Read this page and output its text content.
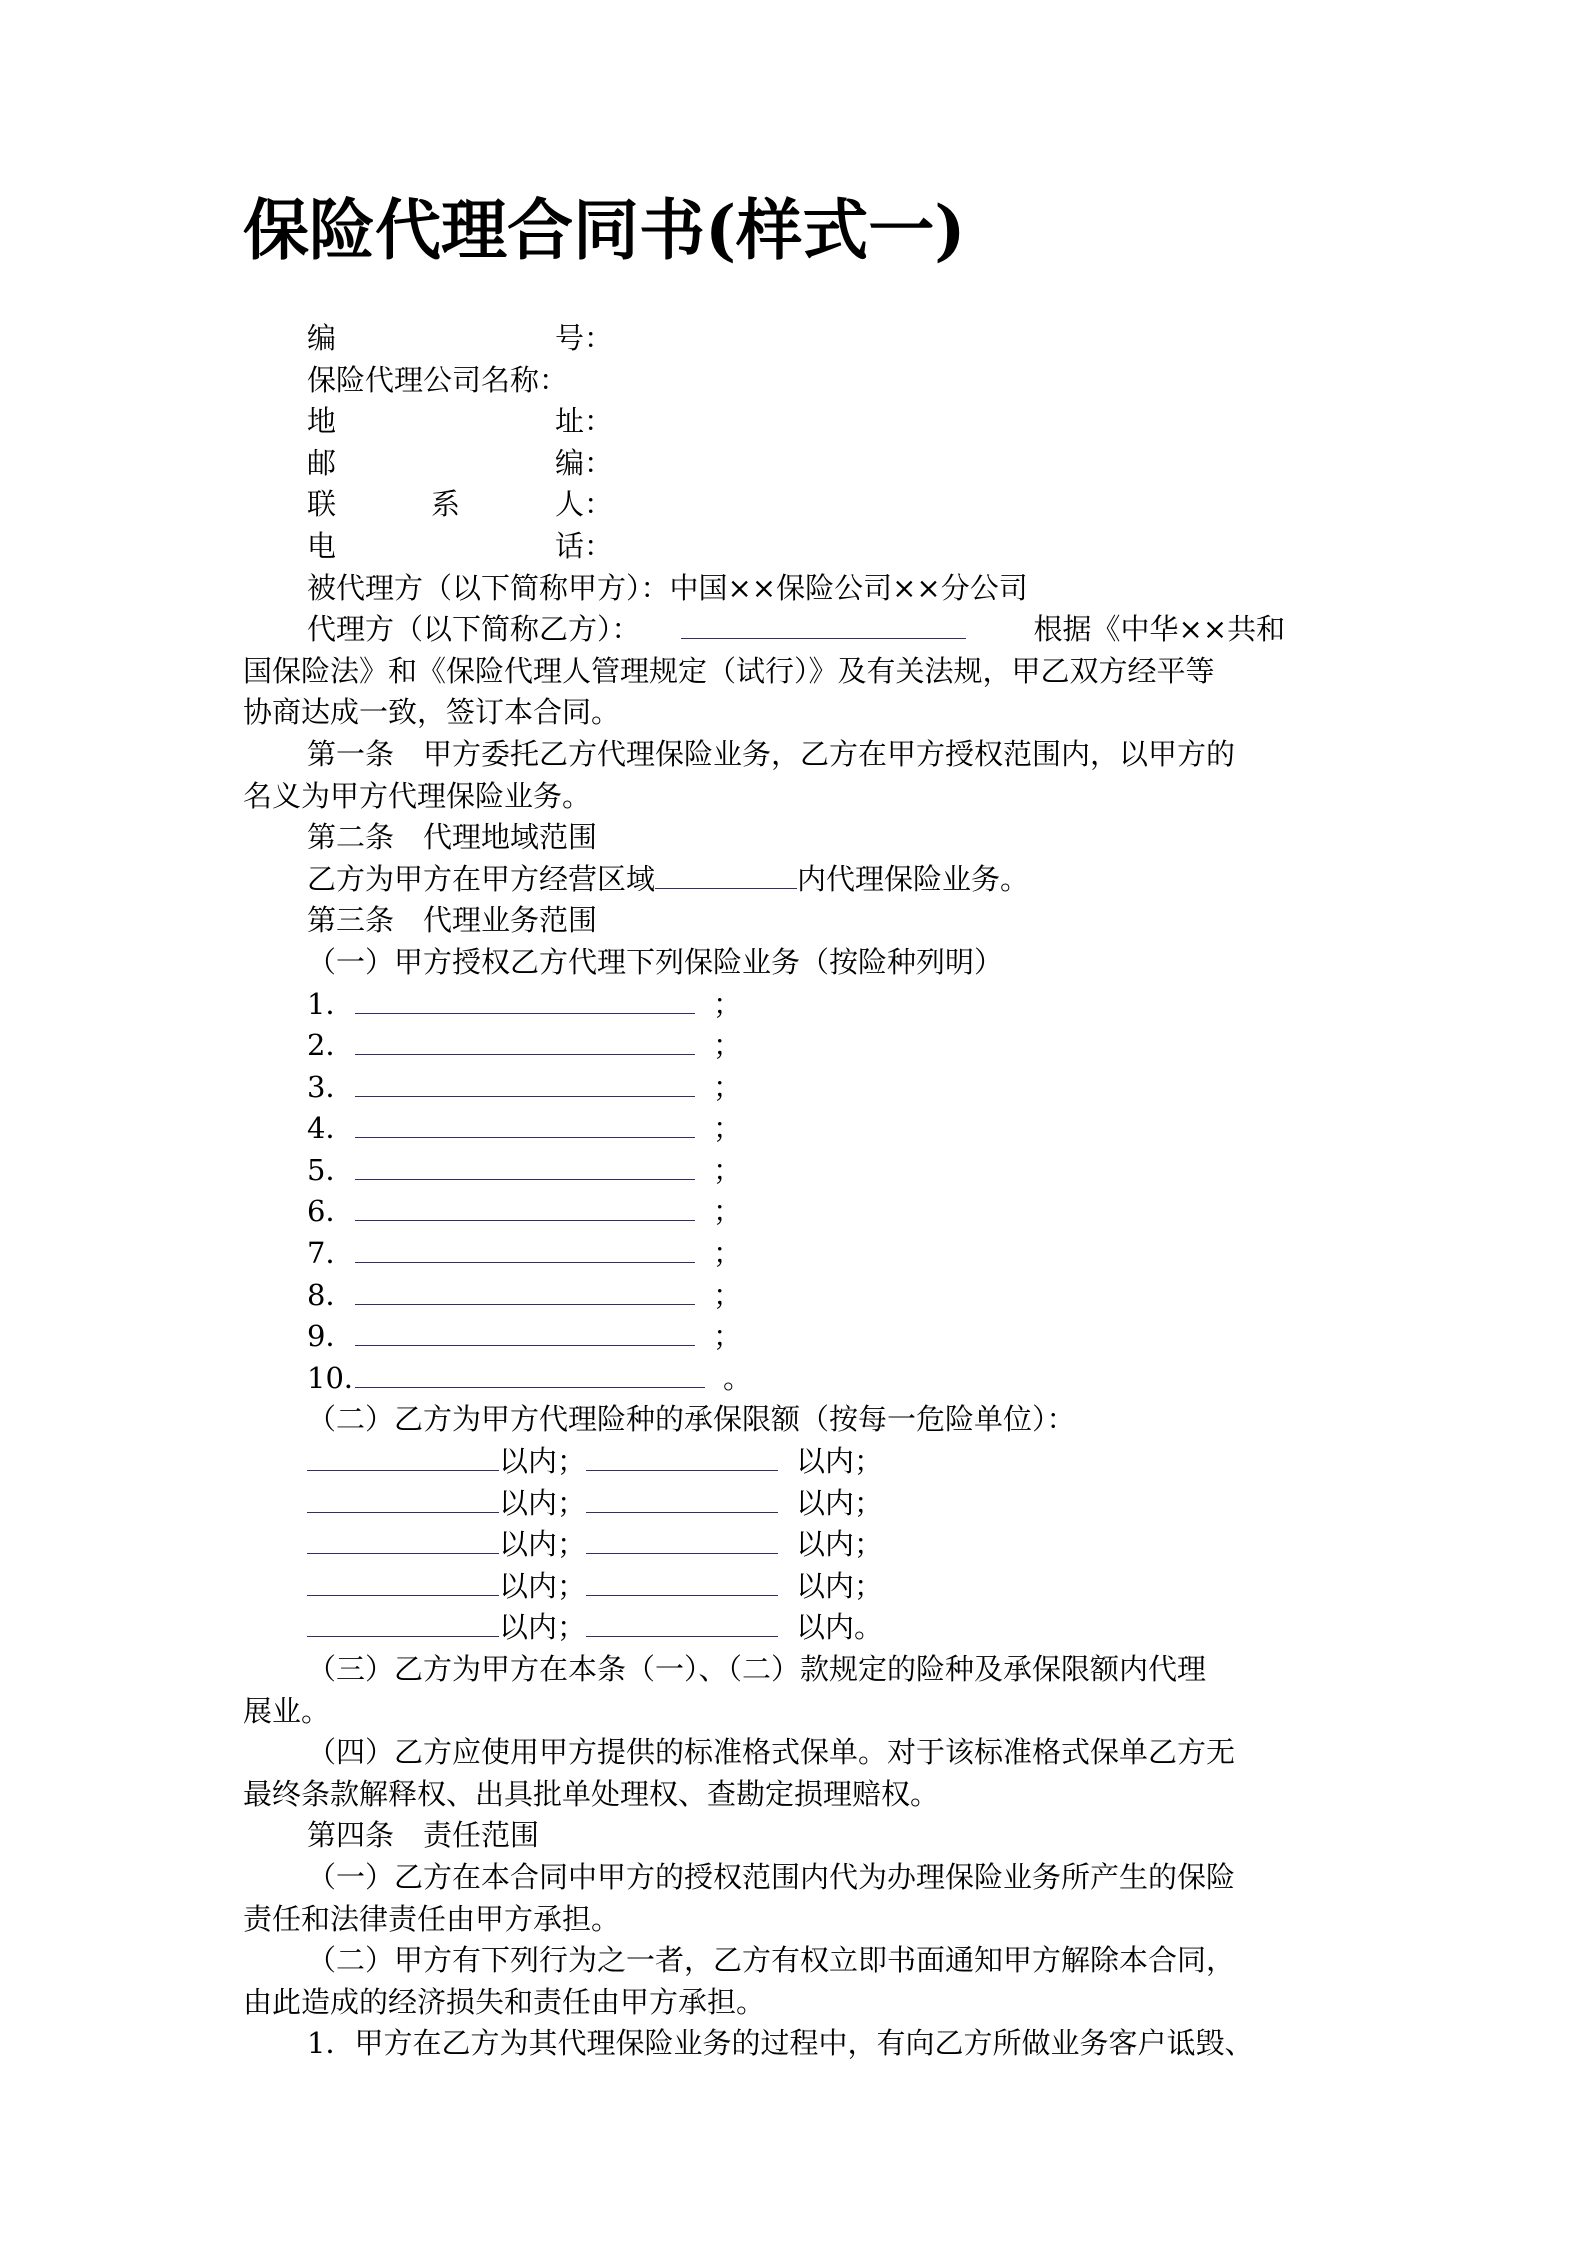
保险代理合同书(样式一)
编	号 ：
保险代理公司名称 ：
地	址 ：
邮	编 ：
联	系	人 ：
电	话 ：
被代理方（以下简称甲方）：中国××保险公司××分公司
代理方（以下简称乙方）：	根据《中华××共和
国保险法》和《保险代理人管理规定（试行）》及有关法规，甲乙双方经平等
协商达成一致，签订本合同。
第一条　甲方委托乙方代理保险业务，乙方在甲方授权范围内，以甲方的
名义为甲方代理保险业务。
第二条　代理地域范围
乙方为甲方在甲方经营区域	内代理保险业务。
第三条　代理业务范围
（一）甲方授权乙方代理下列保险业务（按险种列明）
1．	；
2．	；
3．	；
4．	；
5．	；
6．	；
7．	；
8．	；
9．	；
10．	。
（二）乙方为甲方代理险种的承保限额（按每一危险单位）：
以内；	以内；
以内；	以内；
以内；	以内；
以内；	以内；
以内；	以内。
（三）乙方为甲方在本条（一）、（二）款规定的险种及承保限额内代理
展业。
（四）乙方应使用甲方提供的标准格式保单。对于该标准格式保单乙方无
最终条款解释权、出具批单处理权、查勘定损理赔权。
第四条　责任范围
（一）乙方在本合同中甲方的授权范围内代为办理保险业务所产生的保险
责任和法律责任由甲方承担。
（二）甲方有下列行为之一者，乙方有权立即书面通知甲方解除本合同，
由此造成的经济损失和责任由甲方承担。
1．甲方在乙方为其代理保险业务的过程中，有向乙方所做业务客户诋毁、
